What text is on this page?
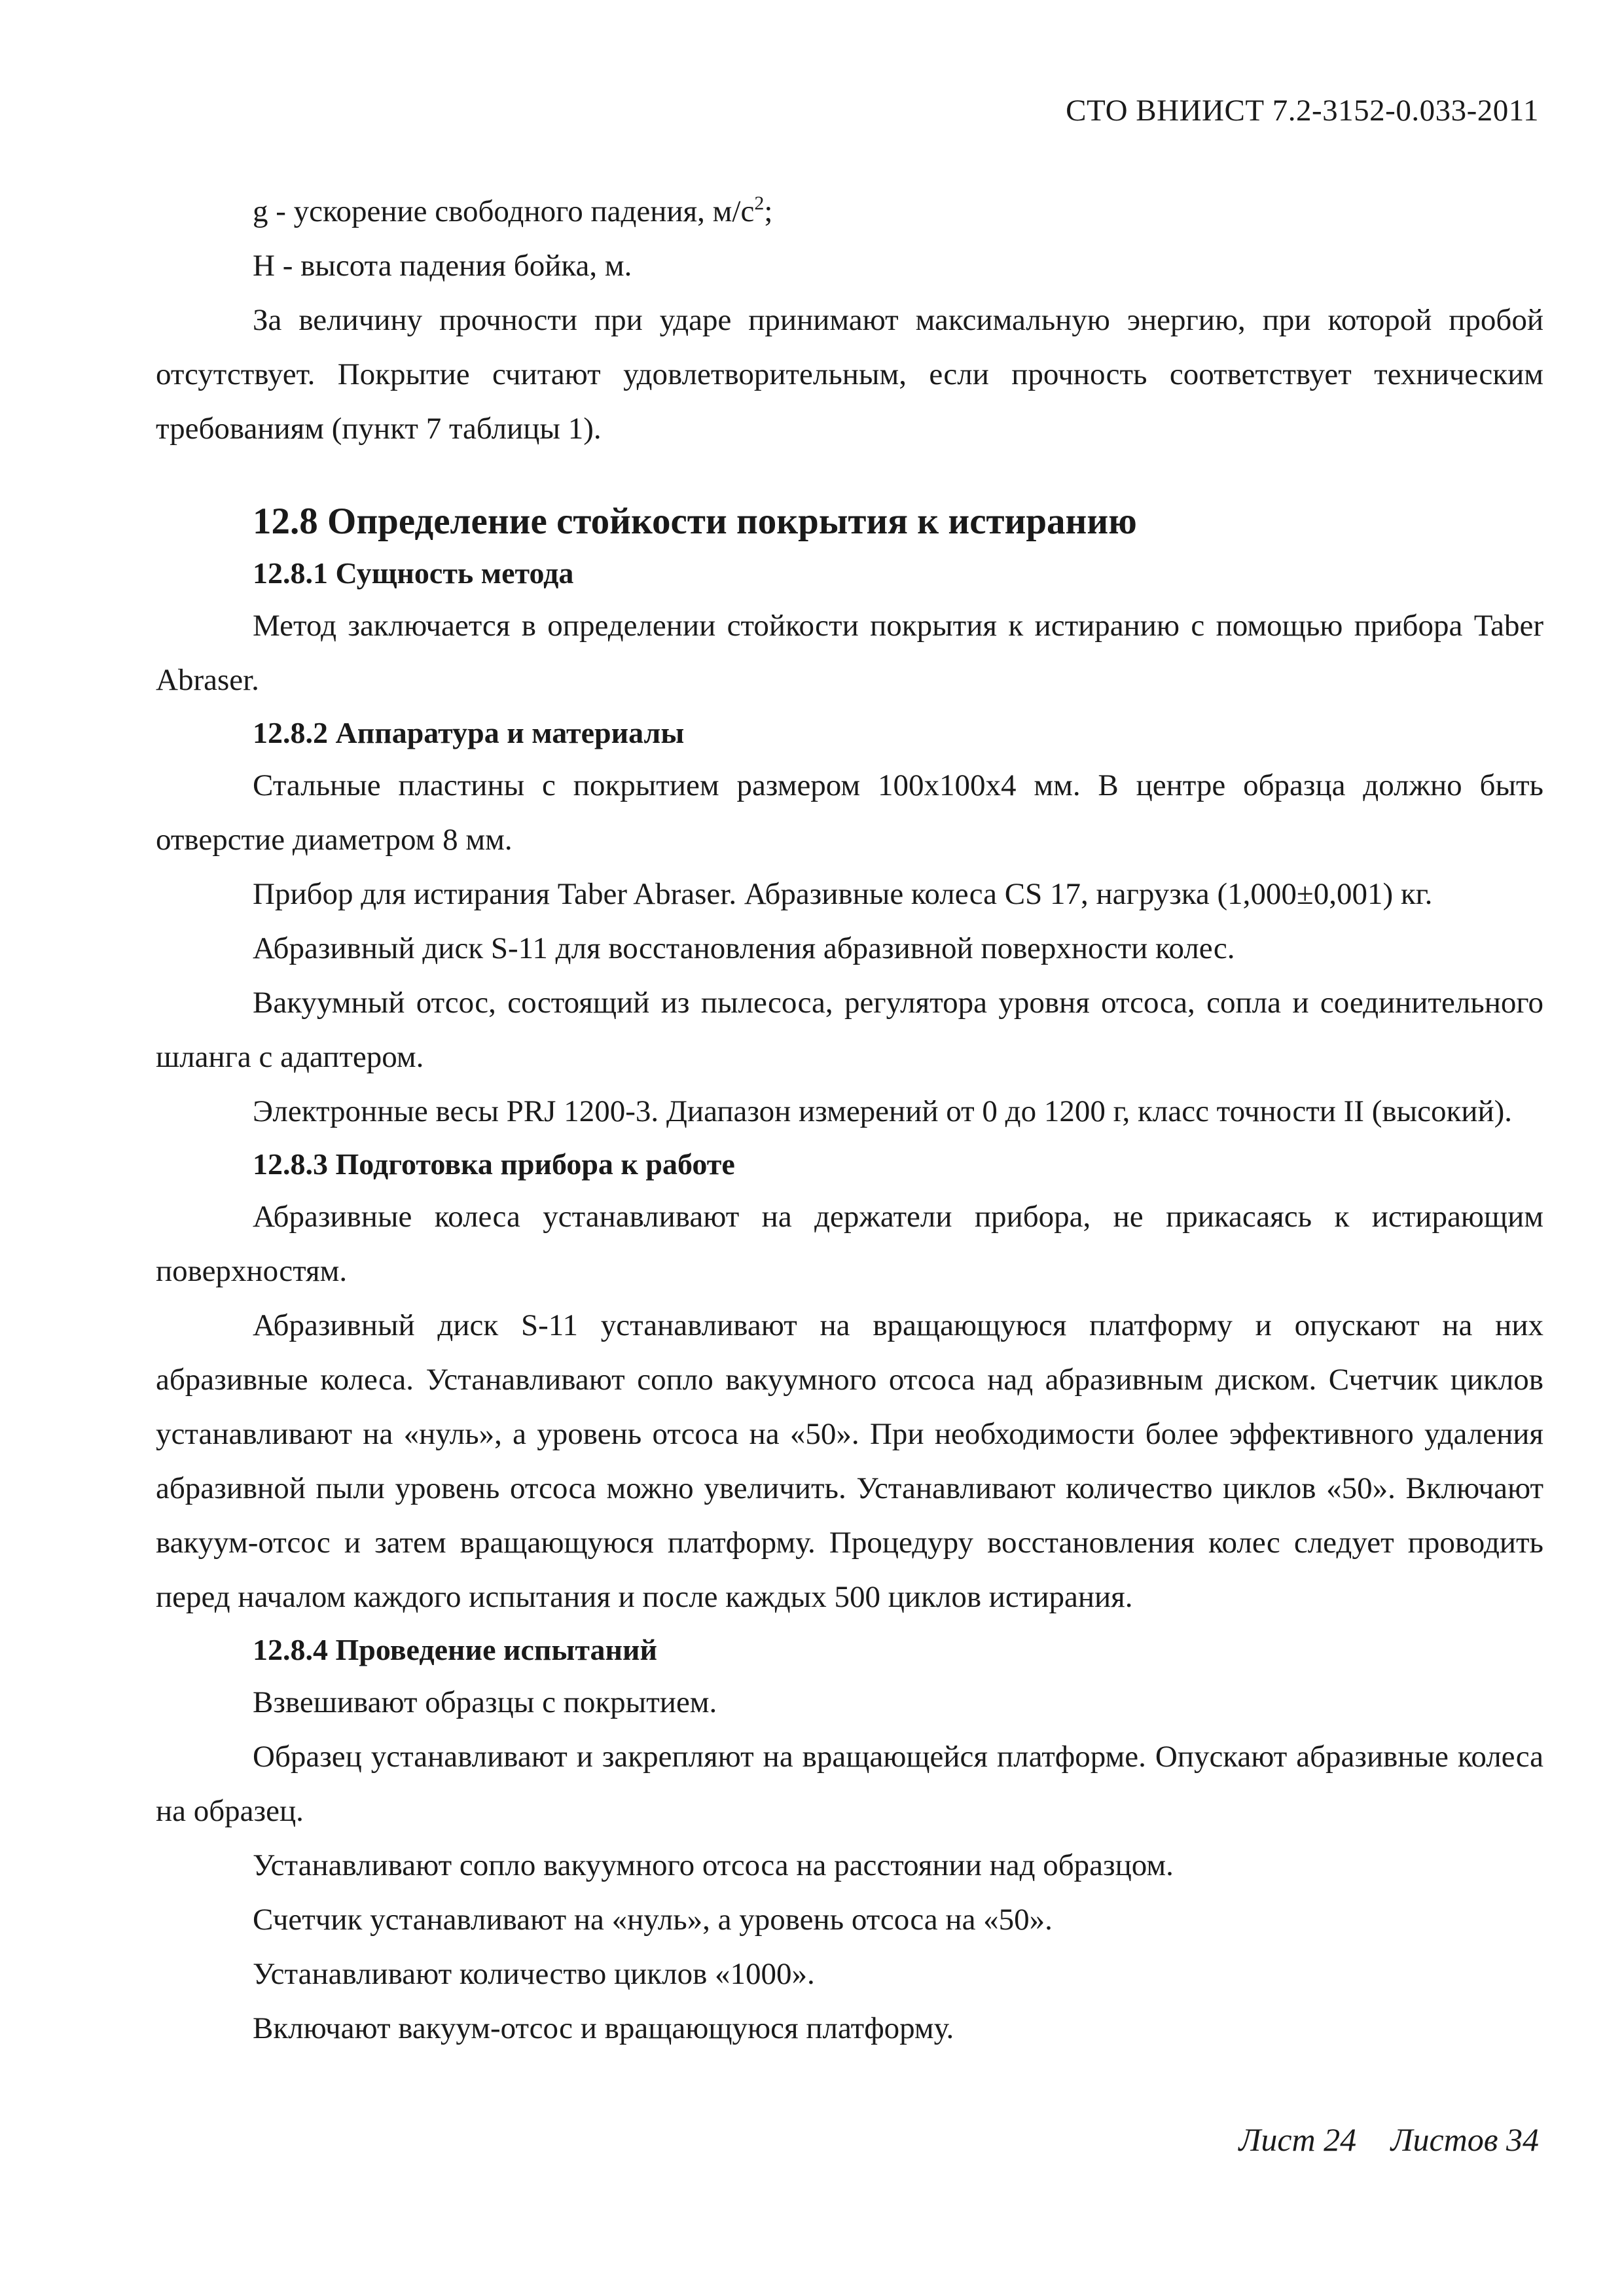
СТО ВНИИСТ 7.2-3152-0.033-2011

g - ускорение свободного падения, $м/с^2$;

H - высота падения бойка, м.

За величину прочности при ударе принимают максимальную энергию, при которой пробой отсутствует. Покрытие считают удовлетворительным, если прочность соответствует техническим требованиям (пункт 7 таблицы 1).

12.8 Определение стойкости покрытия к истиранию
12.8.1 Сущность метода

Метод заключается в определении стойкости покрытия к истиранию с помощью прибора Taber Abraser.

12.8.2 Аппаратура и материалы

Стальные пластины с покрытием размером 100х100х4 мм. В центре образца должно быть отверстие диаметром 8 мм.

Прибор для истирания Taber Abraser. Абразивные колеса CS 17, нагрузка (1,000±0,001) кг.

Абразивный диск S-11 для восстановления абразивной поверхности колес.

Вакуумный отсос, состоящий из пылесоса, регулятора уровня отсоса, сопла и соединительного шланга с адаптером.

Электронные весы PRJ 1200-3. Диапазон измерений от 0 до 1200 г, класс точности II (высокий).

12.8.3 Подготовка прибора к работе

Абразивные колеса устанавливают на держатели прибора, не прикасаясь к истирающим поверхностям.

Абразивный диск S-11 устанавливают на вращающуюся платформу и опускают на них абразивные колеса. Устанавливают сопло вакуумного отсоса над абразивным диском. Счетчик циклов устанавливают на «нуль», а уровень отсоса на «50». При необходимости более эффективного удаления абразивной пыли уровень отсоса можно увеличить. Устанавливают количество циклов «50». Включают вакуум-отсос и затем вращающуюся платформу. Процедуру восстановления колес следует проводить перед началом каждого испытания и после каждых 500 циклов истирания.

12.8.4 Проведение испытаний

Взвешивают образцы с покрытием.

Образец устанавливают и закрепляют на вращающейся платформе. Опускают абразивные колеса на образец.

Устанавливают сопло вакуумного отсоса на расстоянии над образцом.

Счетчик устанавливают на «нуль», а уровень отсоса на «50».

Устанавливают количество циклов «1000».

Включают вакуум-отсос и вращающуюся платформу.

Лист 24 Листов 34
